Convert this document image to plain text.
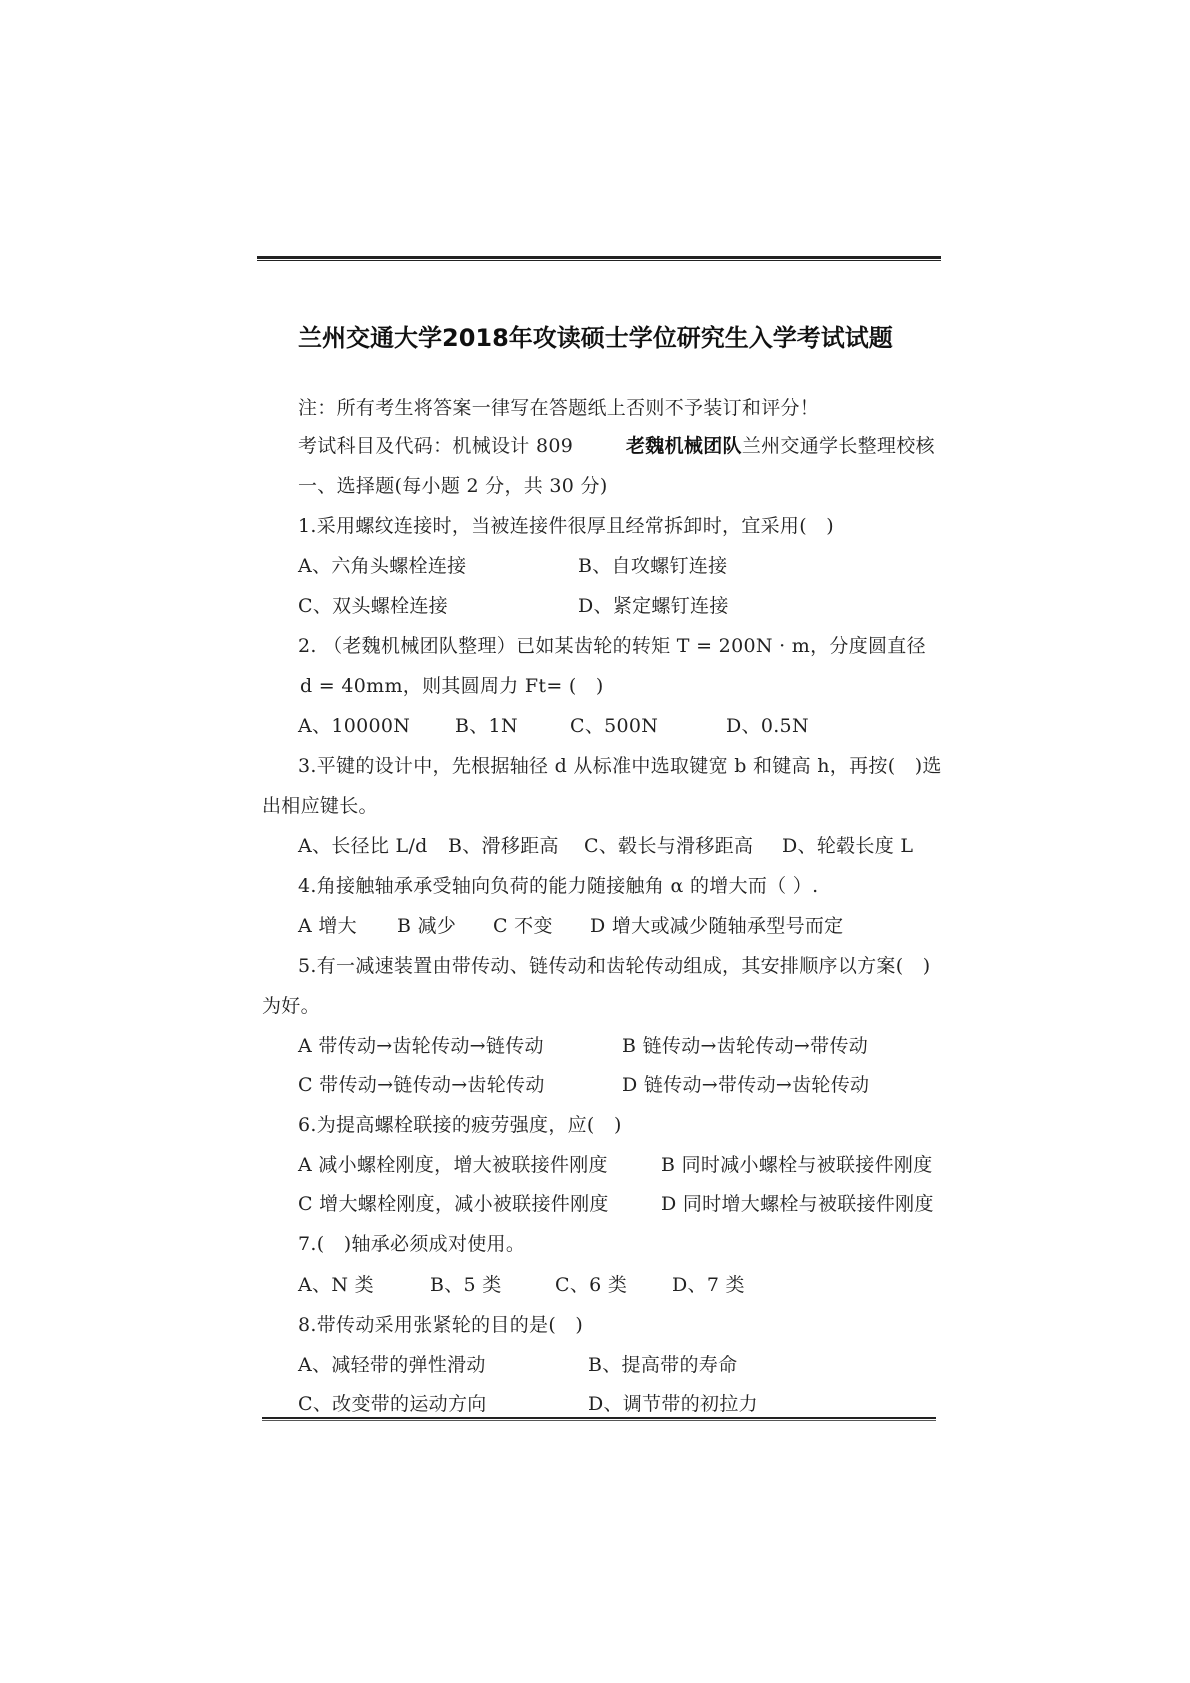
兰州交通大学2018年攻读硕士学位研究生入学考试试题
注：所有考生将答案一律写在答题纸上否则不予装订和评分！
考试科目及代码：机械设计 809	老魏机械团队兰州交通学长整理校核
一、选择题(每小题 2 分，共 30 分)
1.采用螺纹连接时，当被连接件很厚且经常拆卸时，宜采用(　)
A、六角头螺栓连接	B、自攻螺钉连接
C、双头螺栓连接	D、紧定螺钉连接
2. （老魏机械团队整理）已如某齿轮的转矩 T = 200N · m，分度圆直径
d = 40mm，则其圆周力 Ft= (　)
A、10000N B、1N	C、500N	D、0.5N
3.平键的设计中，先根据轴径 d 从标准中选取键宽 b 和键高 h，再按(　)选
出相应键长。
A、长径比 L/d B、滑移距高 C、毂长与滑移距高 D、轮毂长度 L
4.角接触轴承承受轴向负荷的能力随接触角 α 的增大而（ ）.
A 增大 B 减少 C 不变 D 增大或减少随轴承型号而定
5.有一减速装置由带传动、链传动和齿轮传动组成，其安排顺序以方案(　)
为好。
A 带传动→齿轮传动→链传动	B 链传动→齿轮传动→带传动
C 带传动→链传动→齿轮传动	D 链传动→带传动→齿轮传动
6.为提高螺栓联接的疲劳强度，应(　)
A 减小螺栓刚度，增大被联接件刚度	B 同时减小螺栓与被联接件刚度
C 增大螺栓刚度，减小被联接件刚度	D 同时增大螺栓与被联接件刚度
7.(　)轴承必须成对使用。
A、N 类	B、5 类	C、6 类 D、7 类
8.带传动采用张紧轮的目的是(　)
A、减轻带的弹性滑动	B、提高带的寿命
C、改变带的运动方向	D、调节带的初拉力
